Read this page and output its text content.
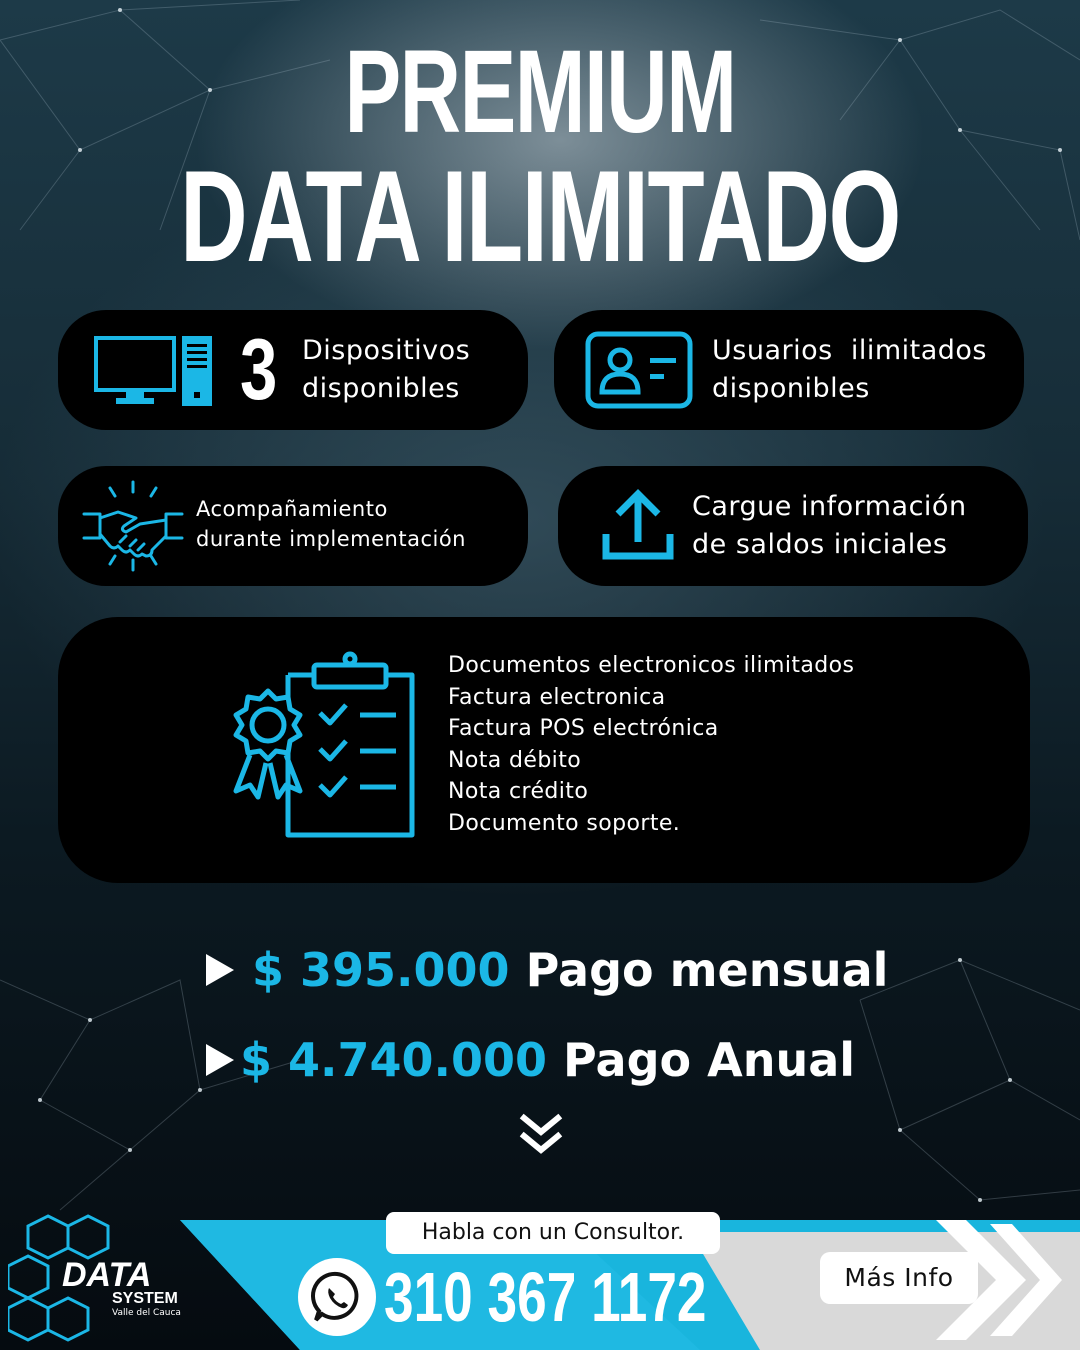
PREMIUM
DATA ILIMITADO
3 Dispositivos
disponibles
Usuarios  ilimitados
disponibles
Acompañamiento
durante implementación
Cargue información
de saldos iniciales
Documentos electronicos ilimitados
Factura electronica
Factura POS electrónica
Nota débito
Nota crédito
Documento soporte.
$ 395.000 Pago mensual
$ 4.740.000 Pago Anual
DATA
SYSTEM
Valle del Cauca
Habla con un Consultor.
310 367 1172	Más Info
